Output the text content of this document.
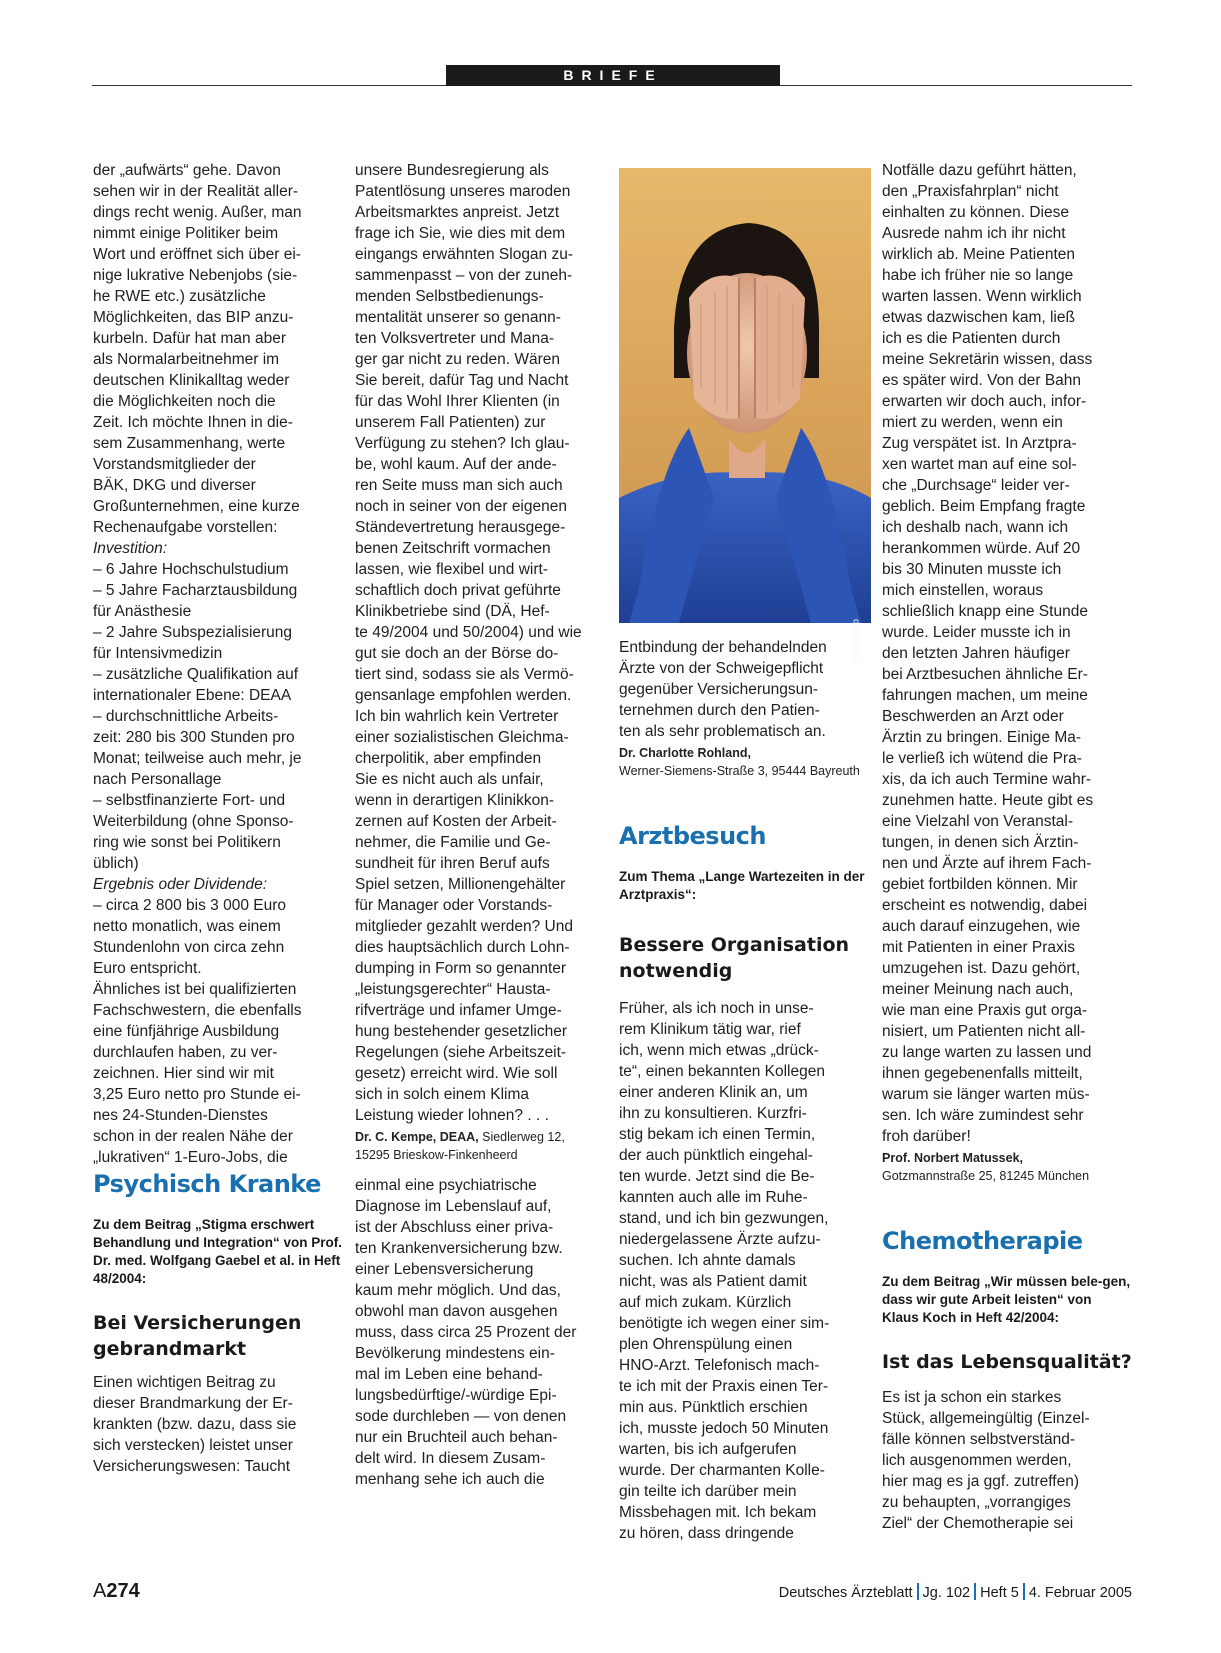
BRIEFE

der „aufwärts“ gehe. Davon

sehen wir in der Realität aller-

dings recht wenig. Außer, man

nimmt einige Politiker beim

Wort und eröffnet sich über ei-

nige lukrative Nebenjobs (sie-

he RWE etc.) zusätzliche

Möglichkeiten, das BIP anzu-

kurbeln. Dafür hat man aber

als Normalarbeitnehmer im

deutschen Klinikalltag weder

die Möglichkeiten noch die

Zeit. Ich möchte Ihnen in die-

sem Zusammenhang, werte

Vorstandsmitglieder der

BÄK, DKG und diverser

Großunternehmen, eine kurze

Rechenaufgabe vorstellen:

Investition:

– 6 Jahre Hochschulstudium

– 5 Jahre Facharztausbildung

für Anästhesie

– 2 Jahre Subspezialisierung

für Intensivmedizin

– zusätzliche Qualifikation auf

internationaler Ebene: DEAA

– durchschnittliche Arbeits-

zeit: 280 bis 300 Stunden pro

Monat; teilweise auch mehr, je

nach Personallage

– selbstfinanzierte Fort- und

Weiterbildung (ohne Sponso-

ring wie sonst bei Politikern

üblich)

Ergebnis oder Dividende:

– circa 2 800 bis 3 000 Euro

netto monatlich, was einem

Stundenlohn von circa zehn

Euro entspricht.

Ähnliches ist bei qualifizierten

Fachschwestern, die ebenfalls

eine fünfjährige Ausbildung

durchlaufen haben, zu ver-

zeichnen. Hier sind wir mit

3,25 Euro netto pro Stunde ei-

nes 24-Stunden-Dienstes

schon in der realen Nähe der

„lukrativen“ 1-Euro-Jobs, die

unsere Bundesregierung als

Patentlösung unseres maroden

Arbeitsmarktes anpreist. Jetzt

frage ich Sie, wie dies mit dem

eingangs erwähnten Slogan zu-

sammenpasst – von der zuneh-

menden Selbstbedienungs-

mentalität unserer so genann-

ten Volksvertreter und Mana-

ger gar nicht zu reden. Wären

Sie bereit, dafür Tag und Nacht

für das Wohl Ihrer Klienten (in

unserem Fall Patienten) zur

Verfügung zu stehen? Ich glau-

be, wohl kaum. Auf der ande-

ren Seite muss man sich auch

noch in seiner von der eigenen

Ständevertretung herausgege-

benen Zeitschrift vormachen

lassen, wie flexibel und wirt-

schaftlich doch privat geführte

Klinikbetriebe sind (DÄ, Hef-

te 49/2004 und 50/2004) und wie

gut sie doch an der Börse do-

tiert sind, sodass sie als Vermö-

gensanlage empfohlen werden.

Ich bin wahrlich kein Vertreter

einer sozialistischen Gleichma-

cherpolitik, aber empfinden

Sie es nicht auch als unfair,

wenn in derartigen Klinikkon-

zernen auf Kosten der Arbeit-

nehmer, die Familie und Ge-

sundheit für ihren Beruf aufs

Spiel setzen, Millionengehälter

für Manager oder Vorstands-

mitglieder gezahlt werden? Und

dies hauptsächlich durch Lohn-

dumping in Form so genannter

„leistungsgerechter“ Hausta-

rifverträge und infamer Umge-

hung bestehender gesetzlicher

Regelungen (siehe Arbeitszeit-

gesetz) erreicht wird. Wie soll

sich in solch einem Klima

Leistung wieder lohnen? . . .

Dr. C. Kempe, DEAA, Siedlerweg 12,

15295 Brieskow-Finkenheerd

Foto: Caro

Entbindung der behandelnden

Ärzte von der Schweigepflicht

gegenüber Versicherungsun-

ternehmen durch den Patien-

ten als sehr problematisch an.

Dr. Charlotte Rohland,

Werner-Siemens-Straße 3, 95444 Bayreuth

Arztbesuch

Zum Thema „Lange Wartezeiten in der Arztpraxis“:

Bessere Organisation notwendig

Früher, als ich noch in unse-

rem Klinikum tätig war, rief

ich, wenn mich etwas „drück-

te“, einen bekannten Kollegen

einer anderen Klinik an, um

ihn zu konsultieren. Kurzfri-

stig bekam ich einen Termin,

der auch pünktlich eingehal-

ten wurde. Jetzt sind die Be-

kannten auch alle im Ruhe-

stand, und ich bin gezwungen,

niedergelassene Ärzte aufzu-

suchen. Ich ahnte damals

nicht, was als Patient damit

auf mich zukam. Kürzlich

benötigte ich wegen einer sim-

plen Ohrenspülung einen

HNO-Arzt. Telefonisch mach-

te ich mit der Praxis einen Ter-

min aus. Pünktlich erschien

ich, musste jedoch 50 Minuten

warten, bis ich aufgerufen

wurde. Der charmanten Kolle-

gin teilte ich darüber mein

Missbehagen mit. Ich bekam

zu hören, dass dringende

Notfälle dazu geführt hätten,

den „Praxisfahrplan“ nicht

einhalten zu können. Diese

Ausrede nahm ich ihr nicht

wirklich ab. Meine Patienten

habe ich früher nie so lange

warten lassen. Wenn wirklich

etwas dazwischen kam, ließ

ich es die Patienten durch

meine Sekretärin wissen, dass

es später wird. Von der Bahn

erwarten wir doch auch, infor-

miert zu werden, wenn ein

Zug verspätet ist. In Arztpra-

xen wartet man auf eine sol-

che „Durchsage“ leider ver-

geblich. Beim Empfang fragte

ich deshalb nach, wann ich

herankommen würde. Auf 20

bis 30 Minuten musste ich

mich einstellen, woraus

schließlich knapp eine Stunde

wurde. Leider musste ich in

den letzten Jahren häufiger

bei Arztbesuchen ähnliche Er-

fahrungen machen, um meine

Beschwerden an Arzt oder

Ärztin zu bringen. Einige Ma-

le verließ ich wütend die Pra-

xis, da ich auch Termine wahr-

zunehmen hatte. Heute gibt es

eine Vielzahl von Veranstal-

tungen, in denen sich Ärztin-

nen und Ärzte auf ihrem Fach-

gebiet fortbilden können. Mir

erscheint es notwendig, dabei

auch darauf einzugehen, wie

mit Patienten in einer Praxis

umzugehen ist. Dazu gehört,

meiner Meinung nach auch,

wie man eine Praxis gut orga-

nisiert, um Patienten nicht all-

zu lange warten zu lassen und

ihnen gegebenenfalls mitteilt,

warum sie länger warten müs-

sen. Ich wäre zumindest sehr

froh darüber!

Prof. Norbert Matussek,

Gotzmannstraße 25, 81245 München

Chemotherapie

Zu dem Beitrag „Wir müssen bele-gen, dass wir gute Arbeit leisten“ von Klaus Koch in Heft 42/2004:

Ist das Lebensqualität?

Es ist ja schon ein starkes

Stück, allgemeingültig (Einzel-

fälle können selbstverständ-

lich ausgenommen werden,

hier mag es ja ggf. zutreffen)

zu behaupten, „vorrangiges

Ziel“ der Chemotherapie sei

Psychisch Kranke

Zu dem Beitrag „Stigma erschwert Behandlung und Integration“ von Prof. Dr. med. Wolfgang Gaebel et al. in Heft 48/2004:

Bei Versicherungen gebrandmarkt

Einen wichtigen Beitrag zu

dieser Brandmarkung der Er-

krankten (bzw. dazu, dass sie

sich verstecken) leistet unser

Versicherungswesen: Taucht

einmal eine psychiatrische

Diagnose im Lebenslauf auf,

ist der Abschluss einer priva-

ten Krankenversicherung bzw.

einer Lebensversicherung

kaum mehr möglich. Und das,

obwohl man davon ausgehen

muss, dass circa 25 Prozent der

Bevölkerung mindestens ein-

mal im Leben eine behand-

lungsbedürftige/-würdige Epi-

sode durchleben — von denen

nur ein Bruchteil auch behan-

delt wird. In diesem Zusam-

menhang sehe ich auch die

A274	Deutsches Ärzteblatt Jg. 102 Heft 5 4. Februar 2005
